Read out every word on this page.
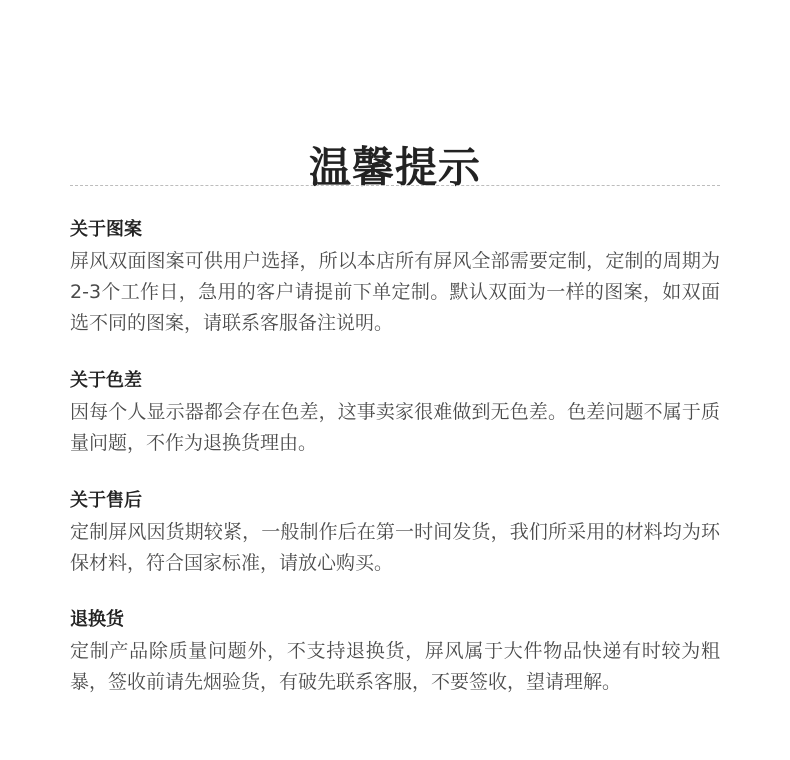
温馨提示
关于图案

屏风双面图案可供用户选择，所以本店所有屏风全部需要定制，定制的周期为2-3个工作日，急用的客户请提前下单定制。默认双面为一样的图案，如双面选不同的图案，请联系客服备注说明。

关于色差

因每个人显示器都会存在色差，这事卖家很难做到无色差。色差问题不属于质量问题，不作为退换货理由。

关于售后

定制屏风因货期较紧，一般制作后在第一时间发货，我们所采用的材料均为环保材料，符合国家标准，请放心购买。

退换货

定制产品除质量问题外，不支持退换货，屏风属于大件物品快递有时较为粗暴，签收前请先烟验货，有破先联系客服，不要签收，望请理解。
